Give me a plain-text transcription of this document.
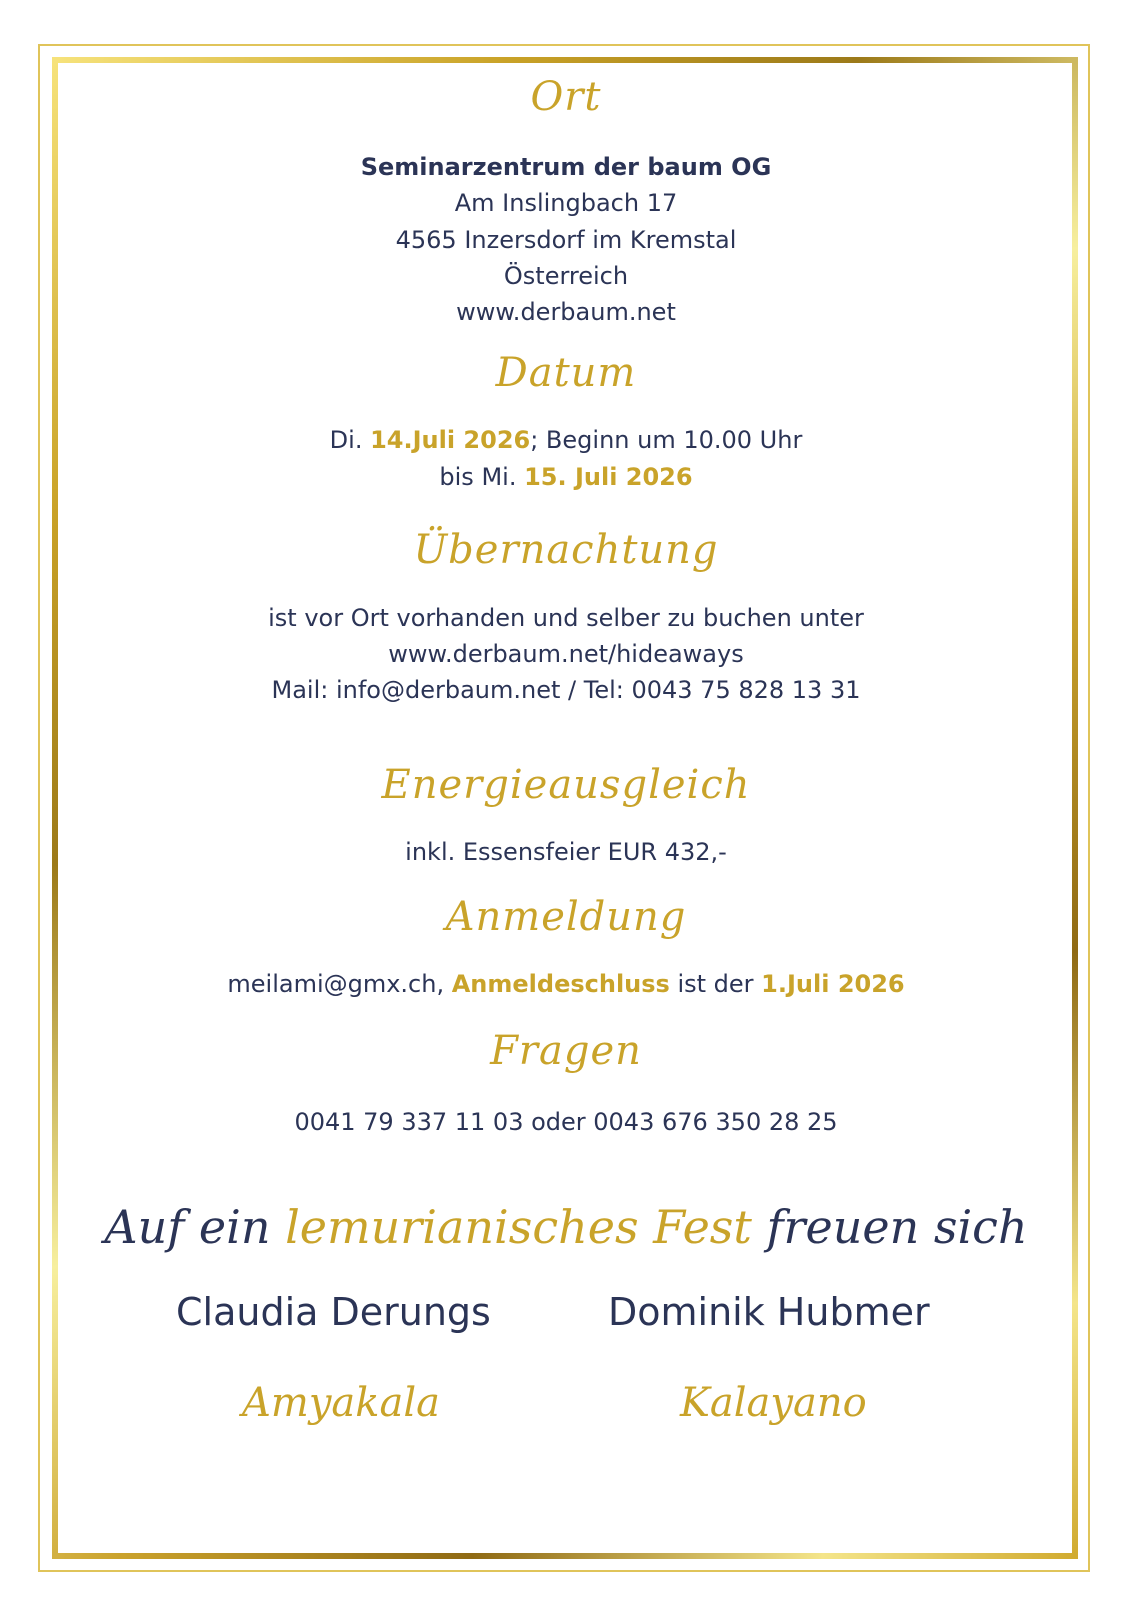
Ort
Seminarzentrum der baum OG
Am Inslingbach 17
4565 Inzersdorf im Kremstal
Österreich
www.derbaum.net
Datum
Di. 14.Juli 2026; Beginn um 10.00 Uhr
bis Mi. 15. Juli 2026
Übernachtung
ist vor Ort vorhanden und selber zu buchen unter
www.derbaum.net/hideaways
Mail: info@derbaum.net / Tel: 0043 75 828 13 31
Energieausgleich
inkl. Essensfeier EUR 432,-
Anmeldung
meilami@gmx.ch, Anmeldeschluss ist der 1.Juli 2026
Fragen
0041 79 337 11 03 oder 0043 676 350 28 25
Auf ein lemurianisches Fest freuen sich
Claudia Derungs	Dominik Hubmer
Amyakala	Kalayano
